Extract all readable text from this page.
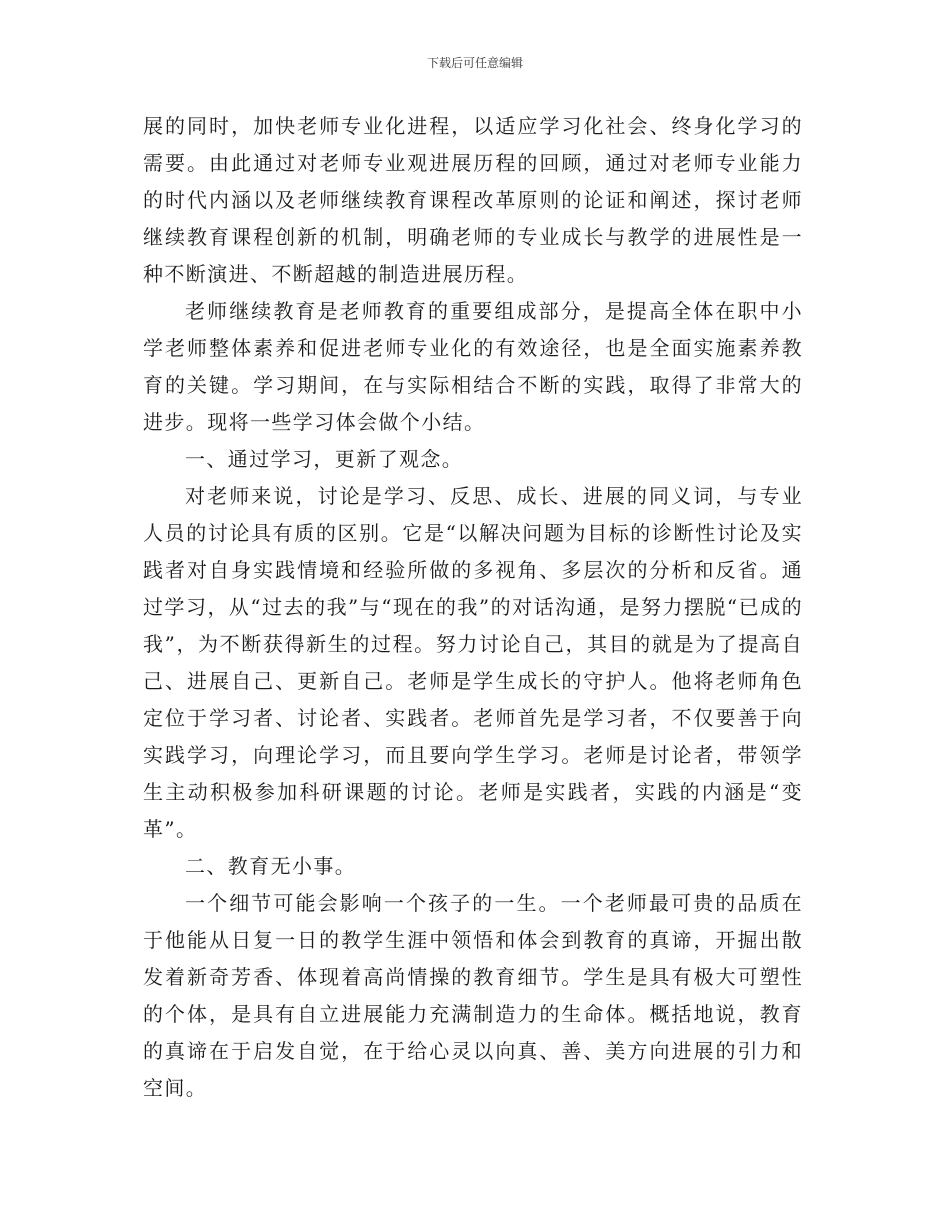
下载后可任意编辑

展的同时，加快老师专业化进程，以适应学习化社会、终身化学习的需要。由此通过对老师专业观进展历程的回顾，通过对老师专业能力的时代内涵以及老师继续教育课程改革原则的论证和阐述，探讨老师继续教育课程创新的机制，明确老师的专业成长与教学的进展性是一种不断演进、不断超越的制造进展历程。

老师继续教育是老师教育的重要组成部分，是提高全体在职中小学老师整体素养和促进老师专业化的有效途径，也是全面实施素养教育的关键。学习期间，在与实际相结合不断的实践，取得了非常大的进步。现将一些学习体会做个小结。

一、通过学习，更新了观念。

对老师来说，讨论是学习、反思、成长、进展的同义词，与专业人员的讨论具有质的区别。它是“以解决问题为目标的诊断性讨论及实践者对自身实践情境和经验所做的多视角、多层次的分析和反省。通过学习，从“过去的我”与“现在的我”的对话沟通，是努力摆脱“已成的我”，为不断获得新生的过程。努力讨论自己，其目的就是为了提高自己、进展自己、更新自己。老师是学生成长的守护人。他将老师角色定位于学习者、讨论者、实践者。老师首先是学习者，不仅要善于向实践学习，向理论学习，而且要向学生学习。老师是讨论者，带领学生主动积极参加科研课题的讨论。老师是实践者，实践的内涵是“变革”。

二、教育无小事。

一个细节可能会影响一个孩子的一生。一个老师最可贵的品质在于他能从日复一日的教学生涯中领悟和体会到教育的真谛，开掘出散发着新奇芳香、体现着高尚情操的教育细节。学生是具有极大可塑性的个体，是具有自立进展能力充满制造力的生命体。概括地说，教育的真谛在于启发自觉，在于给心灵以向真、善、美方向进展的引力和空间。
